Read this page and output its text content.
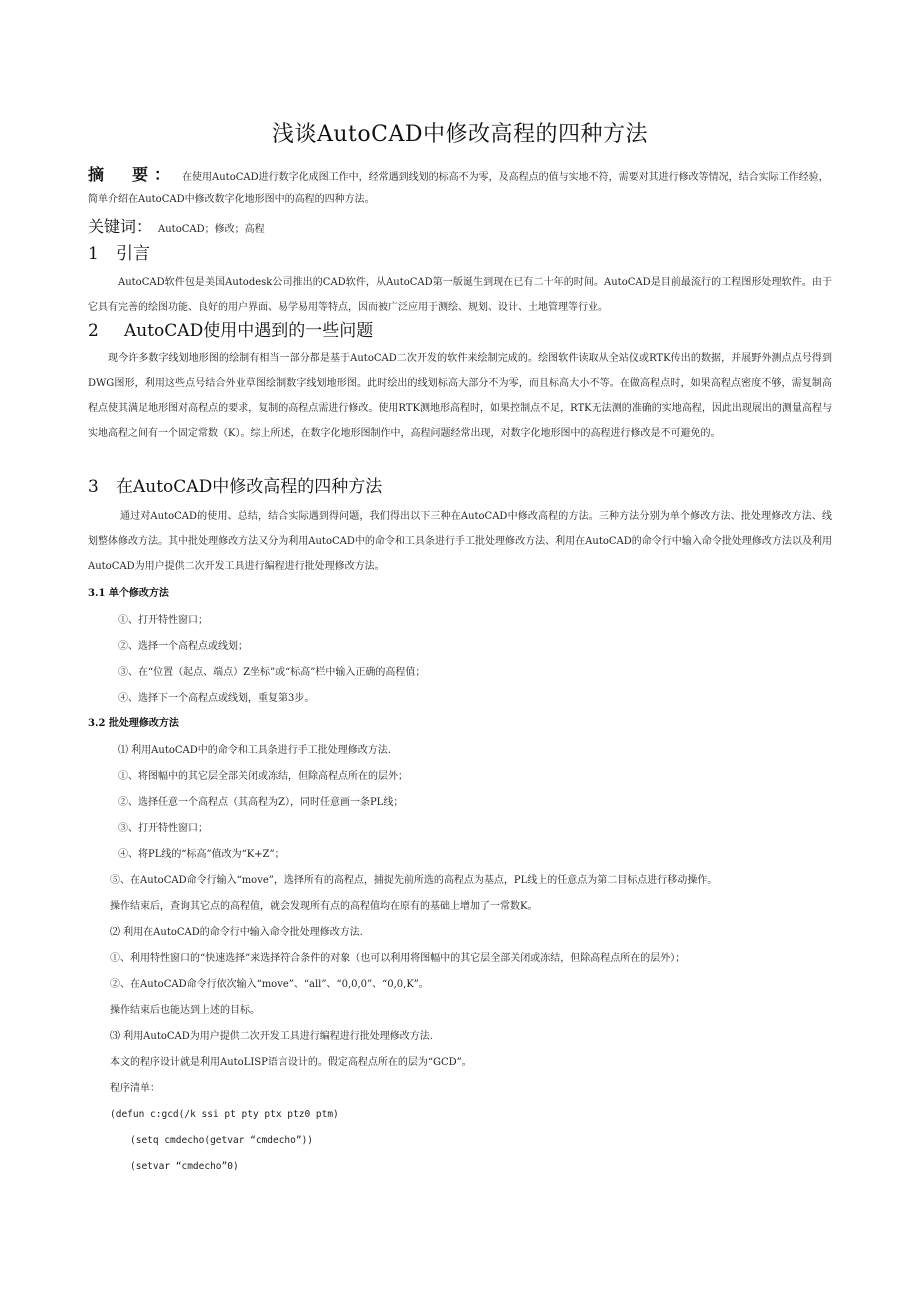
浅谈AutoCAD中修改高程的四种方法
摘　要： 在使用AutoCAD进行数字化成图工作中，经常遇到线划的标高不为零，及高程点的值与实地不符，需要对其进行修改等情况，结合实际工作经验，简单介绍在AutoCAD中修改数字化地形图中的高程的四种方法。
关键词： AutoCAD；修改；高程
1 引言
AutoCAD软件包是美国Autodesk公司推出的CAD软件，从AutoCAD第一版诞生到现在已有二十年的时间。AutoCAD是目前最流行的工程图形处理软件。由于它具有完善的绘图功能、良好的用户界面、易学易用等特点，因而被广泛应用于测绘、规划、设计、土地管理等行业。
2 AutoCAD使用中遇到的一些问题
现今许多数字线划地形图的绘制有相当一部分都是基于AutoCAD二次开发的软件来绘制完成的。绘图软件读取从全站仪或RTK传出的数据，并展野外测点点号得到DWG图形，利用这些点号结合外业草图绘制数字线划地形图。此时绘出的线划标高大部分不为零，而且标高大小不等。在做高程点时，如果高程点密度不够，需复制高程点使其满足地形图对高程点的要求，复制的高程点需进行修改。使用RTK测地形高程时，如果控制点不足，RTK无法测的准确的实地高程，因此出现展出的测量高程与实地高程之间有一个固定常数（K）。综上所述，在数字化地形图制作中，高程问题经常出现，对数字化地形图中的高程进行修改是不可避免的。
3 在AutoCAD中修改高程的四种方法
通过对AutoCAD的使用、总结，结合实际遇到得问题，我们得出以下三种在AutoCAD中修改高程的方法。三种方法分别为单个修改方法、批处理修改方法、线划整体修改方法。其中批处理修改方法又分为利用AutoCAD中的命令和工具条进行手工批处理修改方法、利用在AutoCAD的命令行中输入命令批处理修改方法以及利用AutoCAD为用户提供二次开发工具进行编程进行批处理修改方法。
3.1 单个修改方法
①、打开特性窗口；
②、选择一个高程点或线划；
③、在“位置（起点、端点）Z坐标”或“标高”栏中输入正确的高程值；
④、选择下一个高程点或线划，重复第3步。
3.2 批处理修改方法
⑴ 利用AutoCAD中的命令和工具条进行手工批处理修改方法.
①、将图幅中的其它层全部关闭或冻结，但除高程点所在的层外；
②、选择任意一个高程点（其高程为Z），同时任意画一条PL线；
③、打开特性窗口；
④、将PL线的“标高”值改为“K+Z”；
⑤、在AutoCAD命令行输入“move”，选择所有的高程点，捕捉先前所选的高程点为基点，PL线上的任意点为第二目标点进行移动操作。
操作结束后，查询其它点的高程值，就会发现所有点的高程值均在原有的基础上增加了一常数K。
⑵ 利用在AutoCAD的命令行中输入命令批处理修改方法.
①、利用特性窗口的“快速选择”来选择符合条件的对象（也可以利用将图幅中的其它层全部关闭或冻结，但除高程点所在的层外）；
②、在AutoCAD命令行依次输入“move”、“all”、“0,0,0”、“0,0,K”。
操作结束后也能达到上述的目标。
⑶ 利用AutoCAD为用户提供二次开发工具进行编程进行批处理修改方法.
本文的程序设计就是利用AutoLISP语言设计的。假定高程点所在的层为“GCD”。
程序清单：
(defun c:gcd(/k ssi pt pty ptx ptz0 ptm)
(setq cmdecho(getvar “cmdecho”))
(setvar “cmdecho”0)
